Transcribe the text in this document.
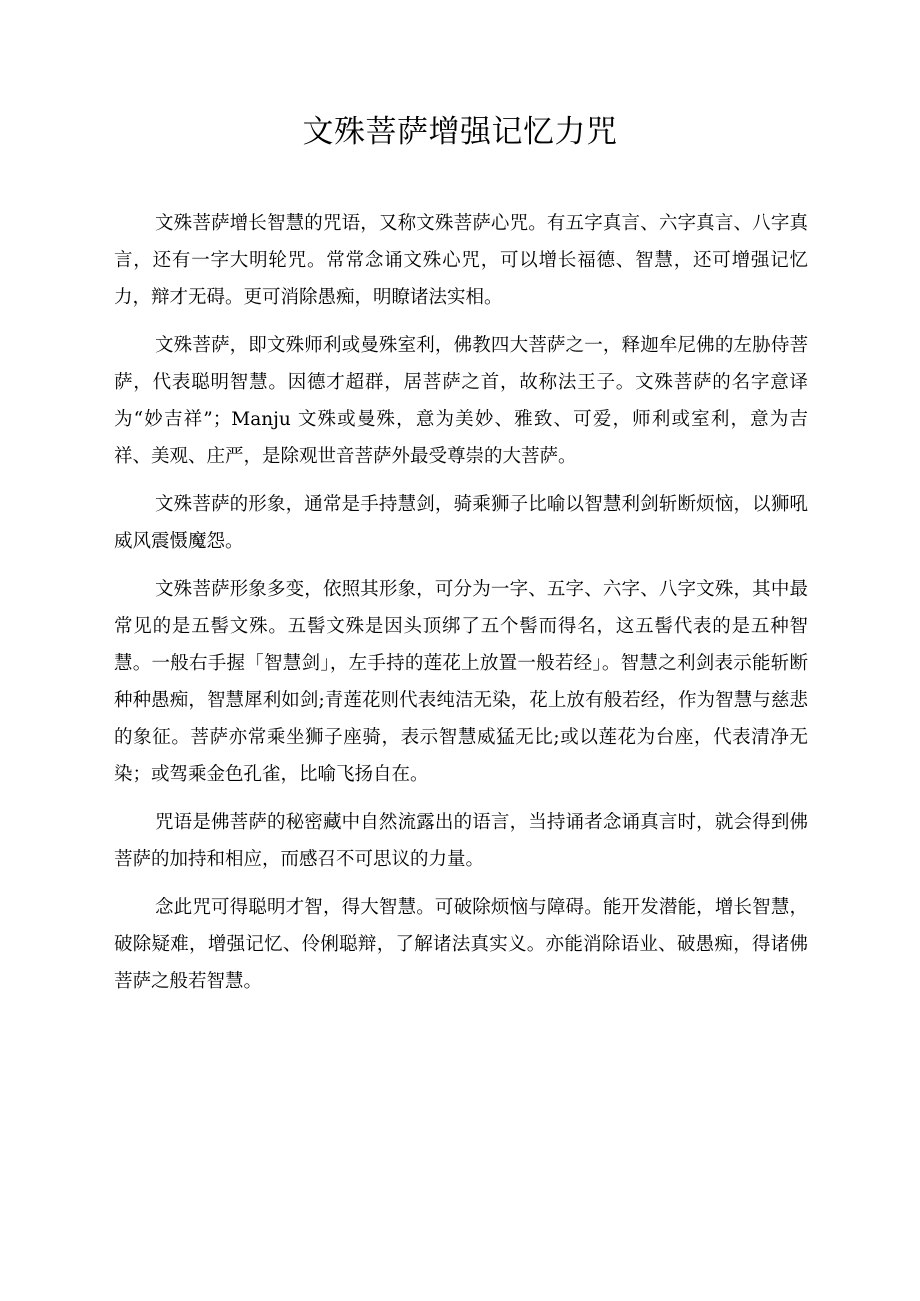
文殊菩萨增强记忆力咒

文殊菩萨增长智慧的咒语，又称文殊菩萨心咒。有五字真言、六字真言、八字真言，还有一字大明轮咒。常常念诵文殊心咒，可以增长福德、智慧，还可增强记忆力，辩才无碍。更可消除愚痴，明瞭诸法实相。

文殊菩萨，即文殊师利或曼殊室利，佛教四大菩萨之一，释迦牟尼佛的左胁侍菩萨，代表聪明智慧。因德才超群，居菩萨之首，故称法王子。文殊菩萨的名字意译为“妙吉祥”；Manju 文殊或曼殊，意为美妙、雅致、可爱，师利或室利，意为吉祥、美观、庄严，是除观世音菩萨外最受尊崇的大菩萨。

文殊菩萨的形象，通常是手持慧剑，骑乘狮子比喻以智慧利剑斩断烦恼，以狮吼威风震慑魔怨。

文殊菩萨形象多变，依照其形象，可分为一字、五字、六字、八字文殊，其中最常见的是五髻文殊。五髻文殊是因头顶绑了五个髻而得名，这五髻代表的是五种智慧。一般右手握「智慧剑」，左手持的莲花上放置一般若经」。智慧之利剑表示能斩断种种愚痴，智慧犀利如剑;青莲花则代表纯洁无染，花上放有般若经，作为智慧与慈悲的象征。菩萨亦常乘坐狮子座骑，表示智慧威猛无比;或以莲花为台座，代表清净无染；或驾乘金色孔雀，比喻飞扬自在。

咒语是佛菩萨的秘密藏中自然流露出的语言，当持诵者念诵真言时，就会得到佛菩萨的加持和相应，而感召不可思议的力量。

念此咒可得聪明才智，得大智慧。可破除烦恼与障碍。能开发潜能，增长智慧，破除疑难，增强记忆、伶俐聪辩，了解诸法真实义。亦能消除语业、破愚痴，得诸佛菩萨之般若智慧。
